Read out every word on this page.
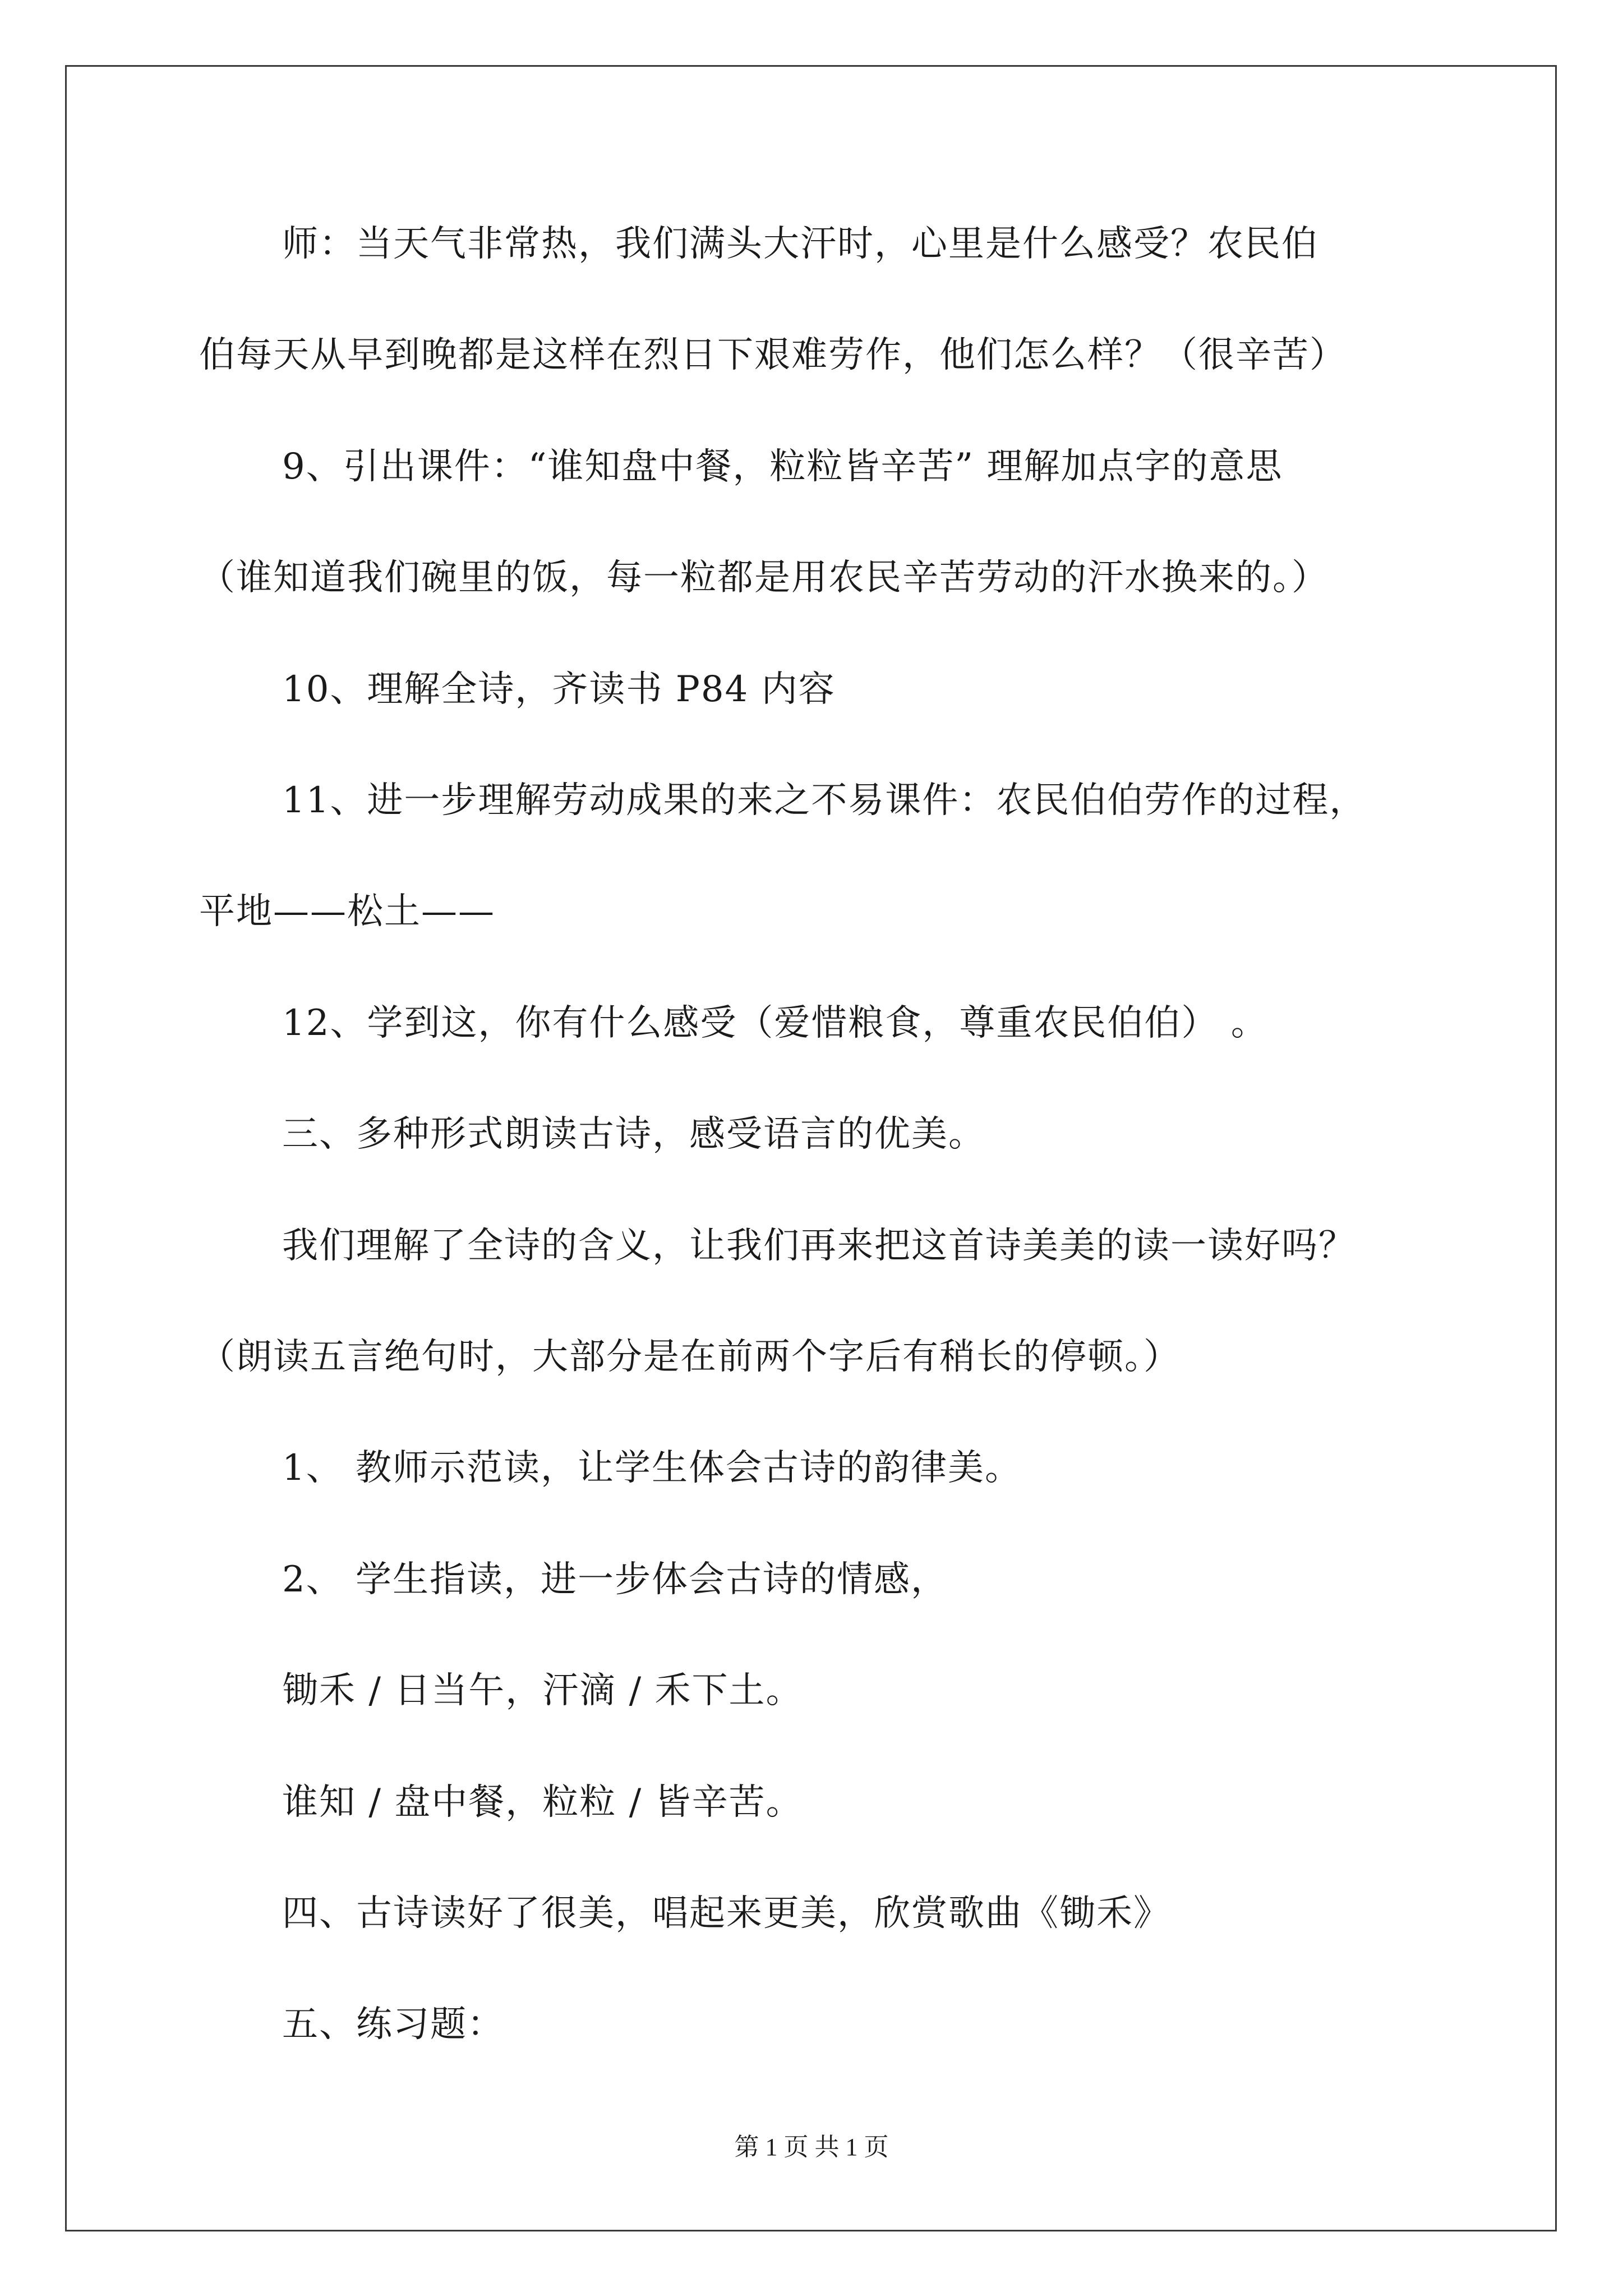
师：当天气非常热，我们满头大汗时，心里是什么感受？农民伯
伯每天从早到晚都是这样在烈日下艰难劳作，他们怎么样？（很辛苦）
9、引出课件：“谁知盘中餐，粒粒皆辛苦” 理解加点字的意思
（谁知道我们碗里的饭，每一粒都是用农民辛苦劳动的汗水换来的。）
10、理解全诗，齐读书 P84 内容
11、进一步理解劳动成果的来之不易课件：农民伯伯劳作的过程，
平地——松土——
12、学到这，你有什么感受（爱惜粮食，尊重农民伯伯） 。
三、多种形式朗读古诗，感受语言的优美。
我们理解了全诗的含义，让我们再来把这首诗美美的读一读好吗？
（朗读五言绝句时，大部分是在前两个字后有稍长的停顿。）
1、 教师示范读，让学生体会古诗的韵律美。
2、 学生指读，进一步体会古诗的情感，
锄禾 / 日当午，汗滴 / 禾下土。
谁知 / 盘中餐，粒粒 / 皆辛苦。
四、古诗读好了很美，唱起来更美，欣赏歌曲《锄禾》
五、练习题：
第 1 页 共 1 页
